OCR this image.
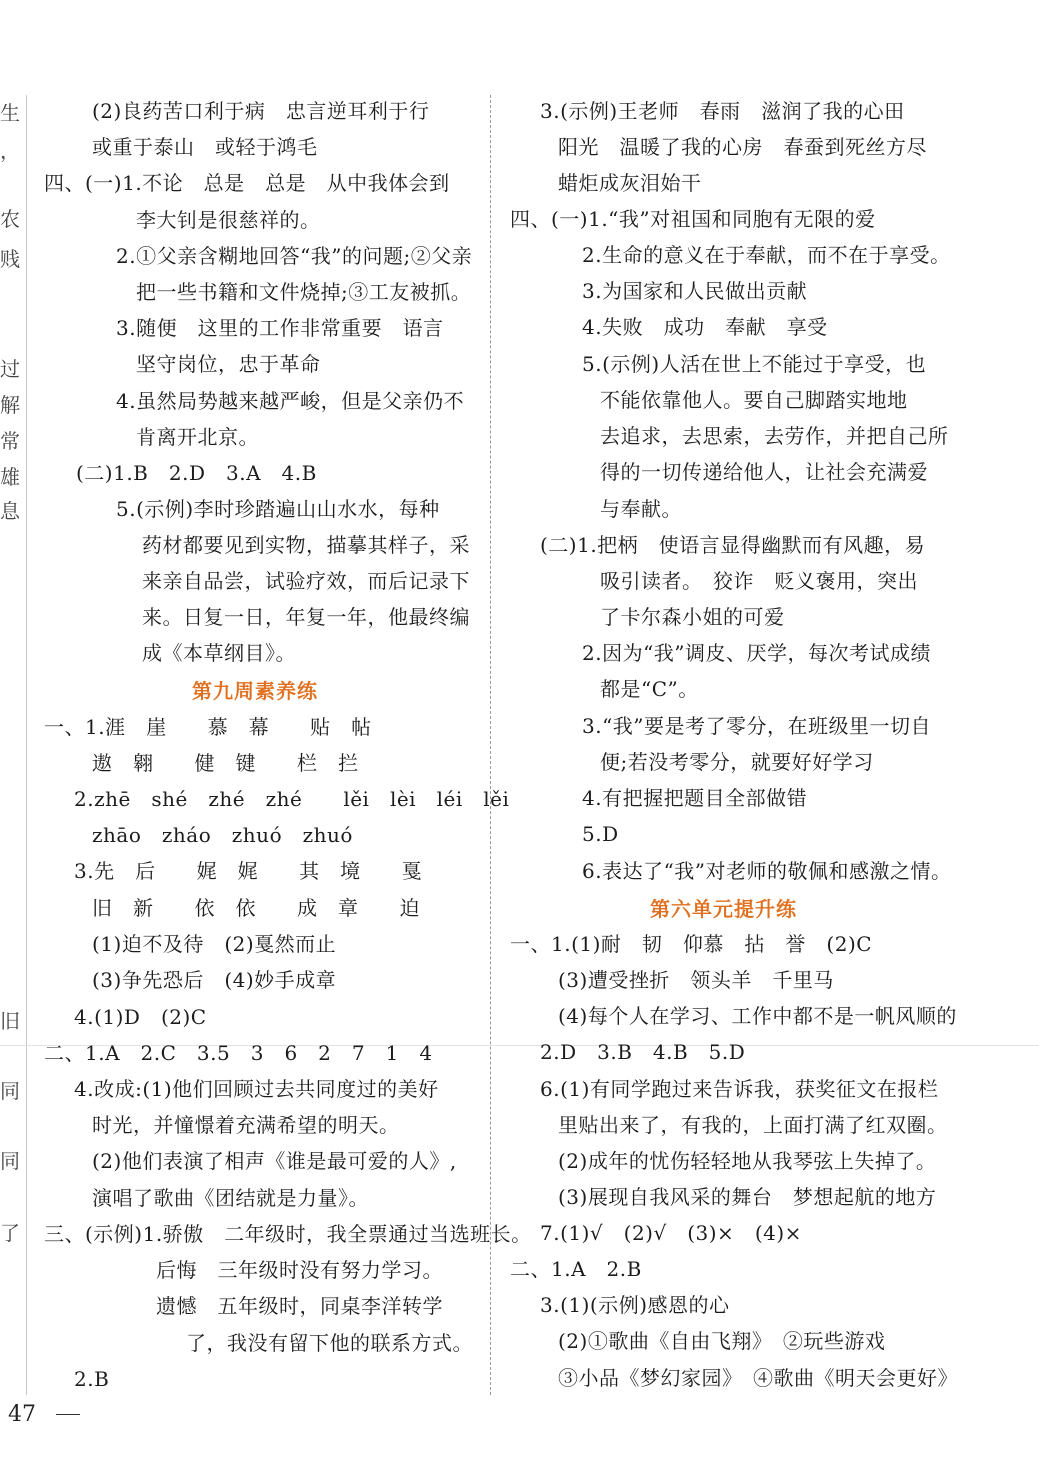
生
，
农
贱
过
解
常
雄
息
旧
同
同
了
(2)良药苦口利于病　忠言逆耳利于行
或重于泰山　或轻于鸿毛
四、(一)1.不论　总是　总是　从中我体会到
李大钊是很慈祥的。
2.①父亲含糊地回答“我”的问题;②父亲
把一些书籍和文件烧掉;③工友被抓。
3.随便　这里的工作非常重要　语言
坚守岗位，忠于革命
4.虽然局势越来越严峻，但是父亲仍不
肯离开北京。
(二)1.B　2.D　3.A　4.B
5.(示例)李时珍踏遍山山水水，每种
药材都要见到实物，描摹其样子，采
来亲自品尝，试验疗效，而后记录下
来。日复一日，年复一年，他最终编
成《本草纲目》。
第九周素养练
一、1.涯　崖　　慕　幕　　贴　帖
遨　翱　　健　键　　栏　拦
2.zhē　shé　zhé　zhé　　lěi　lèi　léi　lěi
zhāo　zháo　zhuó　zhuó
3.先　后　　娓　娓　　其　境　　戛
旧　新　　依　依　　成　章　　迫
(1)迫不及待　(2)戛然而止
(3)争先恐后　(4)妙手成章
4.(1)D　(2)C
二、1.A　2.C　3.5　3　6　2　7　1　4
4.改成:(1)他们回顾过去共同度过的美好
时光，并憧憬着充满希望的明天。
(2)他们表演了相声《谁是最可爱的人》,
演唱了歌曲《团结就是力量》。
三、(示例)1.骄傲　二年级时，我全票通过当选班长。
后悔　三年级时没有努力学习。
遗憾　五年级时，同桌李洋转学
了，我没有留下他的联系方式。
2.B
3.(示例)王老师　春雨　滋润了我的心田
阳光　温暖了我的心房　春蚕到死丝方尽
蜡炬成灰泪始干
四、(一)1.“我”对祖国和同胞有无限的爱
2.生命的意义在于奉献，而不在于享受。
3.为国家和人民做出贡献
4.失败　成功　奉献　享受
5.(示例)人活在世上不能过于享受，也
不能依靠他人。要自己脚踏实地地
去追求，去思索，去劳作，并把自己所
得的一切传递给他人，让社会充满爱
与奉献。
(二)1.把柄　使语言显得幽默而有风趣，易
吸引读者。　狡诈　贬义褒用，突出
了卡尔森小姐的可爱
2.因为“我”调皮、厌学，每次考试成绩
都是“C”。
3.“我”要是考了零分，在班级里一切自
便;若没考零分，就要好好学习
4.有把握把题目全部做错
5.D
6.表达了“我”对老师的敬佩和感激之情。
第六单元提升练
一、1.(1)耐　韧　仰慕　拈　誉　(2)C
(3)遭受挫折　领头羊　千里马
(4)每个人在学习、工作中都不是一帆风顺的
2.D　3.B　4.B　5.D
6.(1)有同学跑过来告诉我，获奖征文在报栏
里贴出来了，有我的，上面打满了红双圈。
(2)成年的忧伤轻轻地从我琴弦上失掉了。
(3)展现自我风采的舞台　梦想起航的地方
7.(1)√　(2)√　(3)×　(4)×
二、1.A　2.B
3.(1)(示例)感恩的心
(2)①歌曲《自由飞翔》　②玩些游戏
③小品《梦幻家园》　④歌曲《明天会更好》
47
